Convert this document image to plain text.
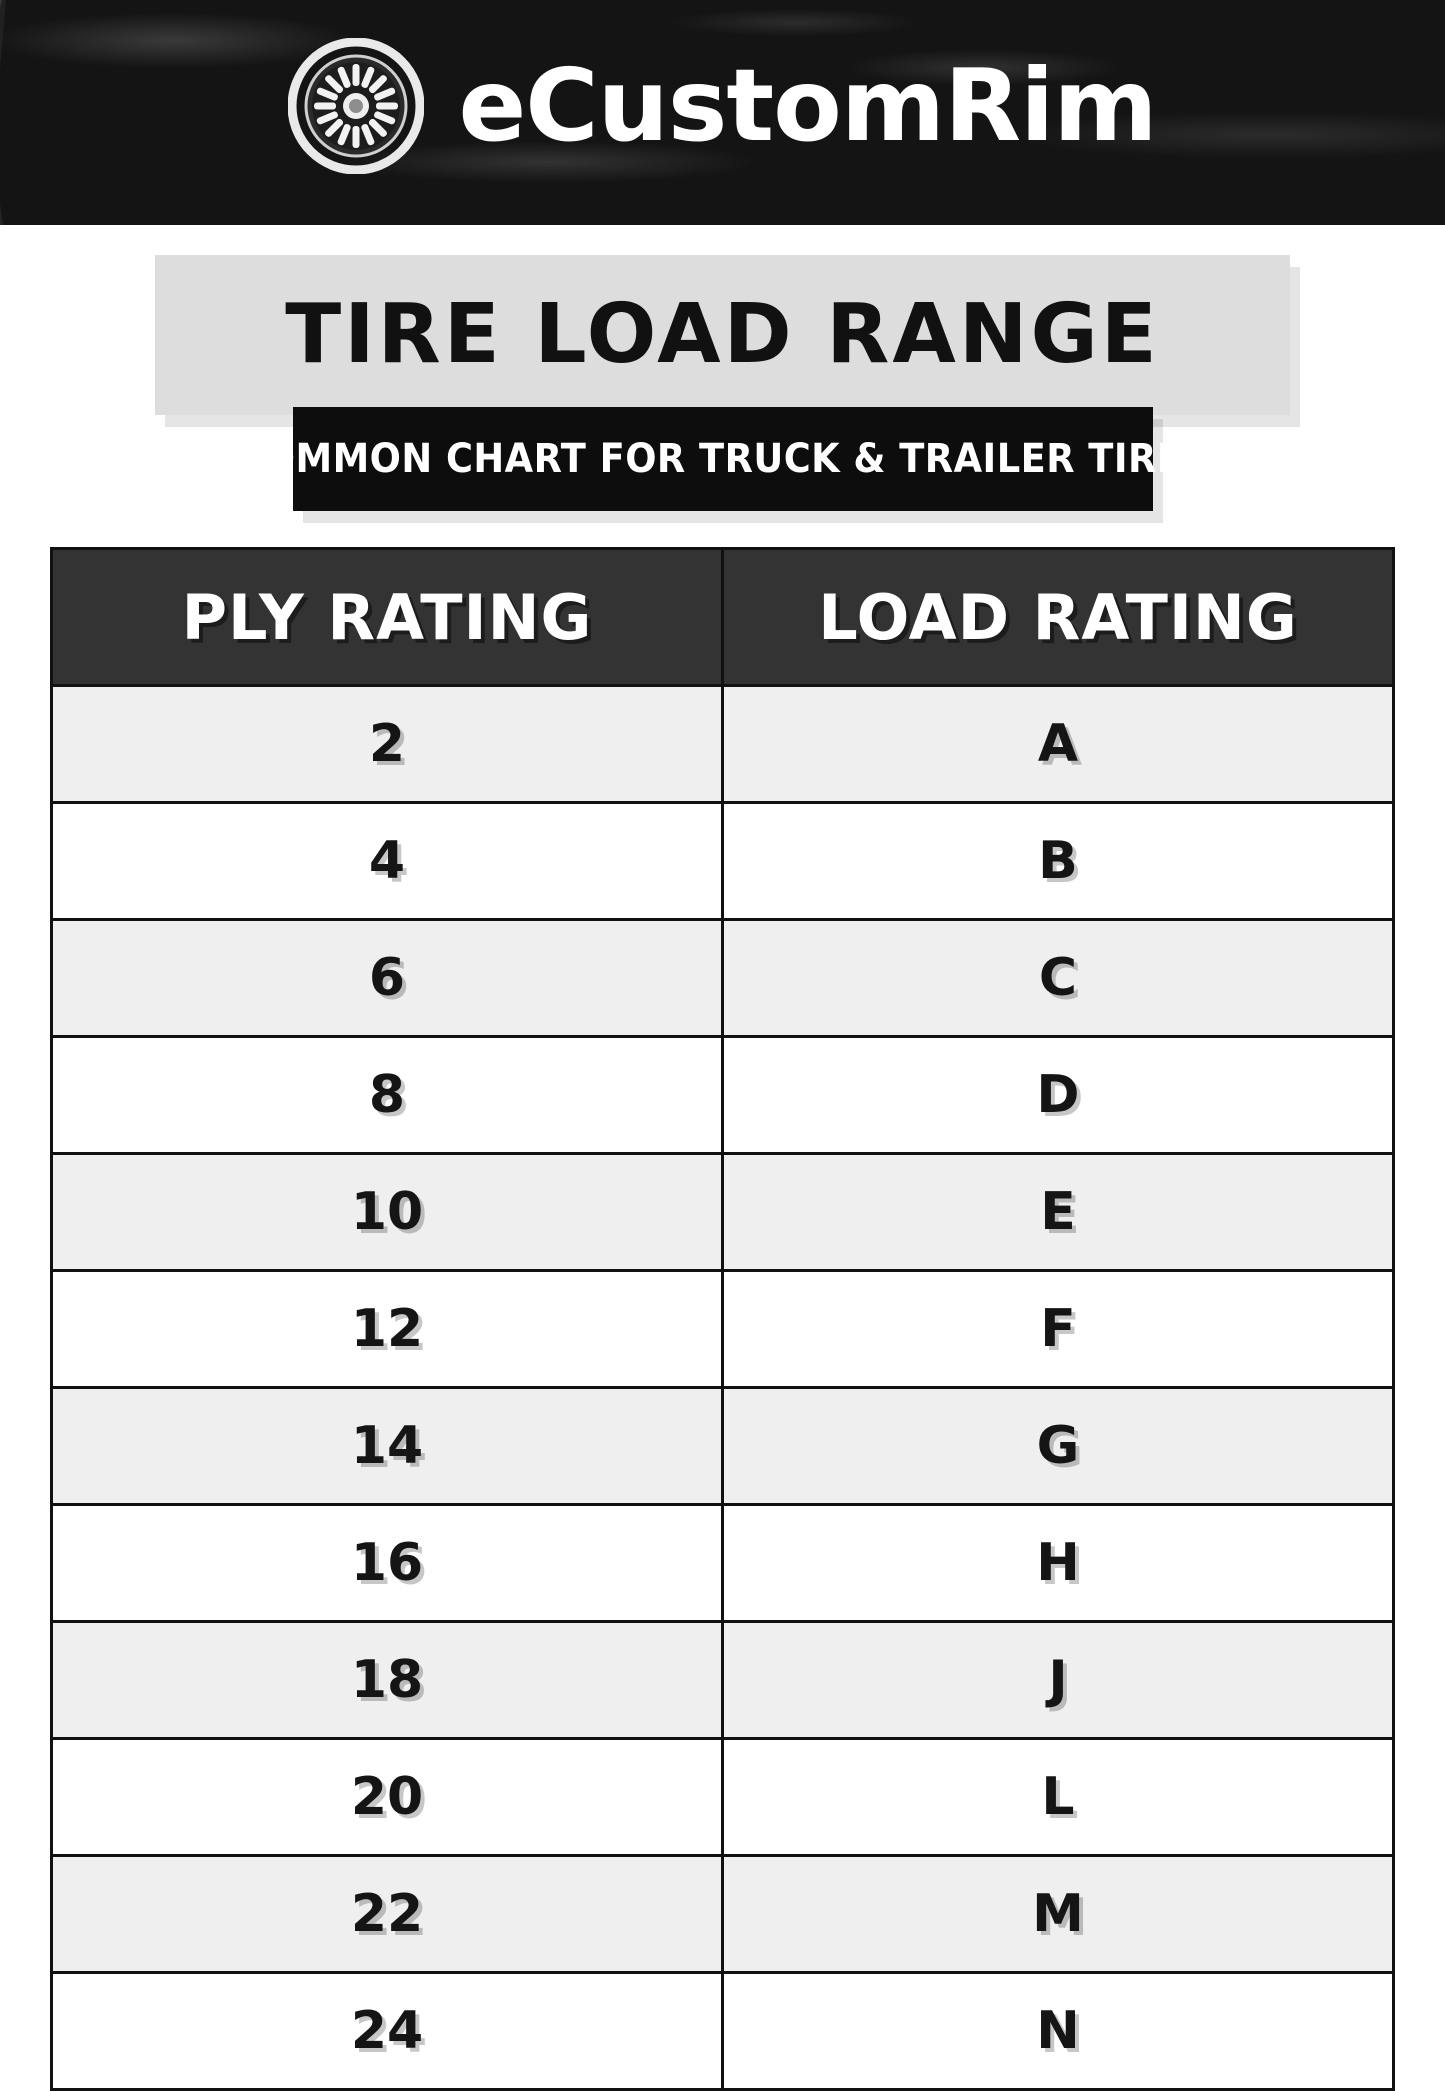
eCustomRim
TIRE LOAD RANGE
COMMON CHART FOR TRUCK & TRAILER TIRES
PLY RATING	LOAD RATING
2	A
4	B
6	C
8	D
10	E
12	F
14	G
16	H
18	J
20	L
22	M
24	N
